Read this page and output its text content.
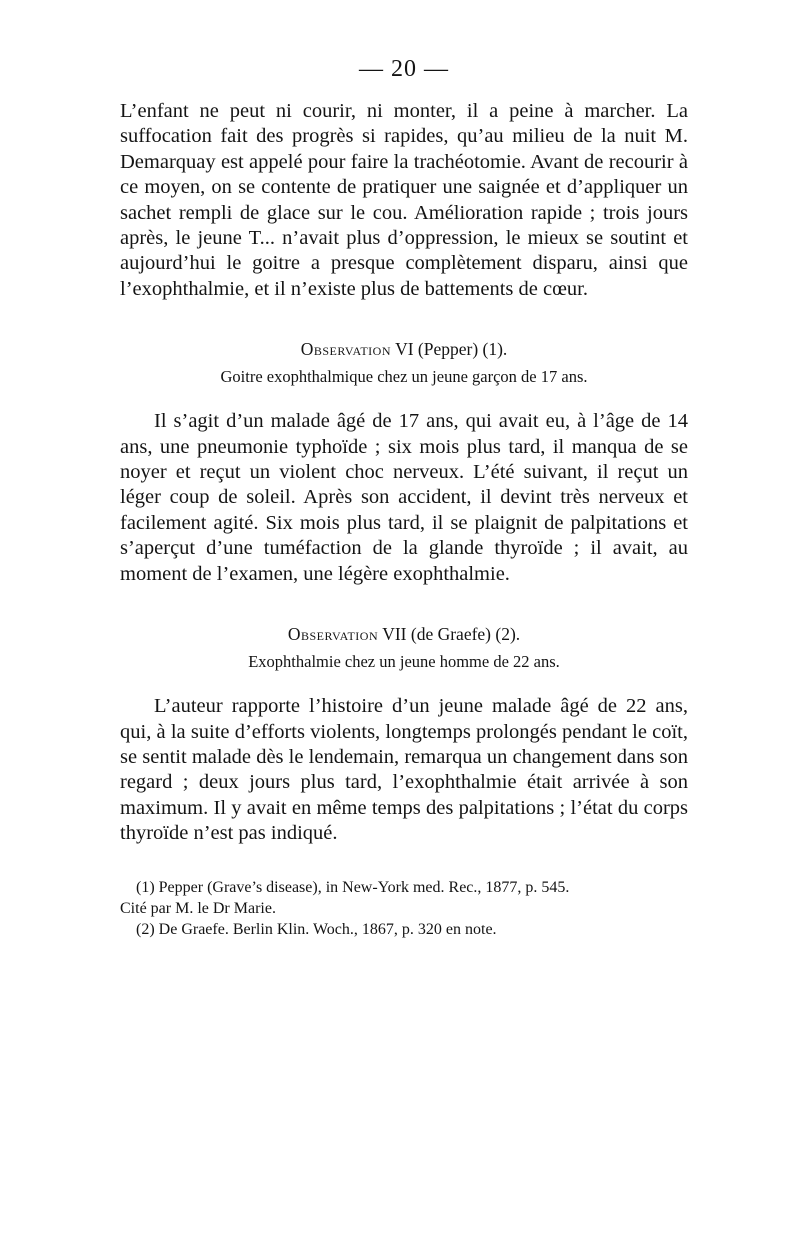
— 20 —

L’enfant ne peut ni courir, ni monter, il a peine à marcher. La suffocation fait des progrès si rapides, qu’au milieu de la nuit M. Demarquay est appelé pour faire la trachéotomie. Avant de recourir à ce moyen, on se contente de pratiquer une saignée et d’appliquer un sachet rempli de glace sur le cou. Amélioration rapide ; trois jours après, le jeune T... n’avait plus d’oppression, le mieux se soutint et aujourd’hui le goitre a presque complètement disparu, ainsi que l’exophthalmie, et il n’existe plus de battements de cœur.

Observation VI (Pepper) (1).
Goitre exophthalmique chez un jeune garçon de 17 ans.

Il s’agit d’un malade âgé de 17 ans, qui avait eu, à l’âge de 14 ans, une pneumonie typhoïde ; six mois plus tard, il manqua de se noyer et reçut un violent choc nerveux. L’été suivant, il reçut un léger coup de soleil. Après son accident, il devint très nerveux et facilement agité. Six mois plus tard, il se plaignit de palpitations et s’aperçut d’une tuméfaction de la glande thyroïde ; il avait, au moment de l’examen, une légère exophthalmie.

Observation VII (de Graefe) (2).
Exophthalmie chez un jeune homme de 22 ans.

L’auteur rapporte l’histoire d’un jeune malade âgé de 22 ans, qui, à la suite d’efforts violents, longtemps prolongés pendant le coït, se sentit malade dès le lendemain, remarqua un changement dans son regard ; deux jours plus tard, l’exophthalmie était arrivée à son maximum. Il y avait en même temps des palpitations ; l’état du corps thyroïde n’est pas indiqué.

(1) Pepper (Grave’s disease), in New-York med. Rec., 1877, p. 545.

Cité par M. le Dr Marie.

(2) De Graefe. Berlin Klin. Woch., 1867, p. 320 en note.
